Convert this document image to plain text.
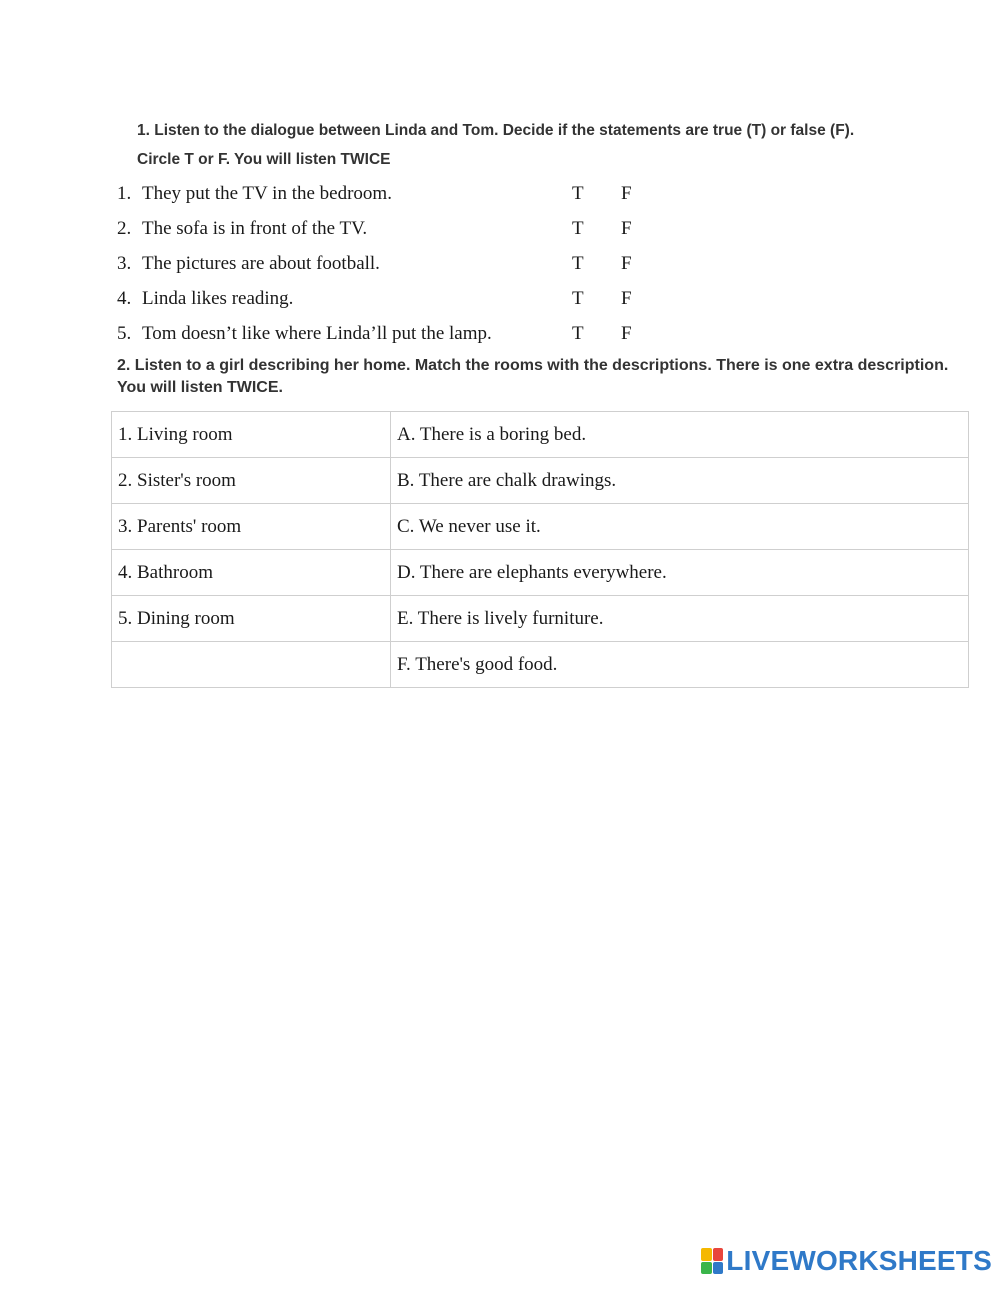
1. Listen to the dialogue between Linda and Tom. Decide if the statements are true (T) or false (F).
Circle T or F. You will listen TWICE
1. They put the TV in the bedroom.	T	F
2. The sofa is in front of the TV.	T	F
3. The pictures are about football.	T	F
4. Linda likes reading.	T	F
5. Tom doesn’t like where Linda’ll put the lamp.	T	F
2. Listen to a girl describing her home. Match the rooms with the descriptions. There is one extra description. You will listen TWICE.
1. Living room	A. There is a boring bed.
2. Sister's room	B. There are chalk drawings.
3. Parents' room	C. We never use it.
4. Bathroom	D. There are elephants everywhere.
5. Dining room	E. There is lively furniture.
	F. There's good food.
LIVEWORKSHEETS
